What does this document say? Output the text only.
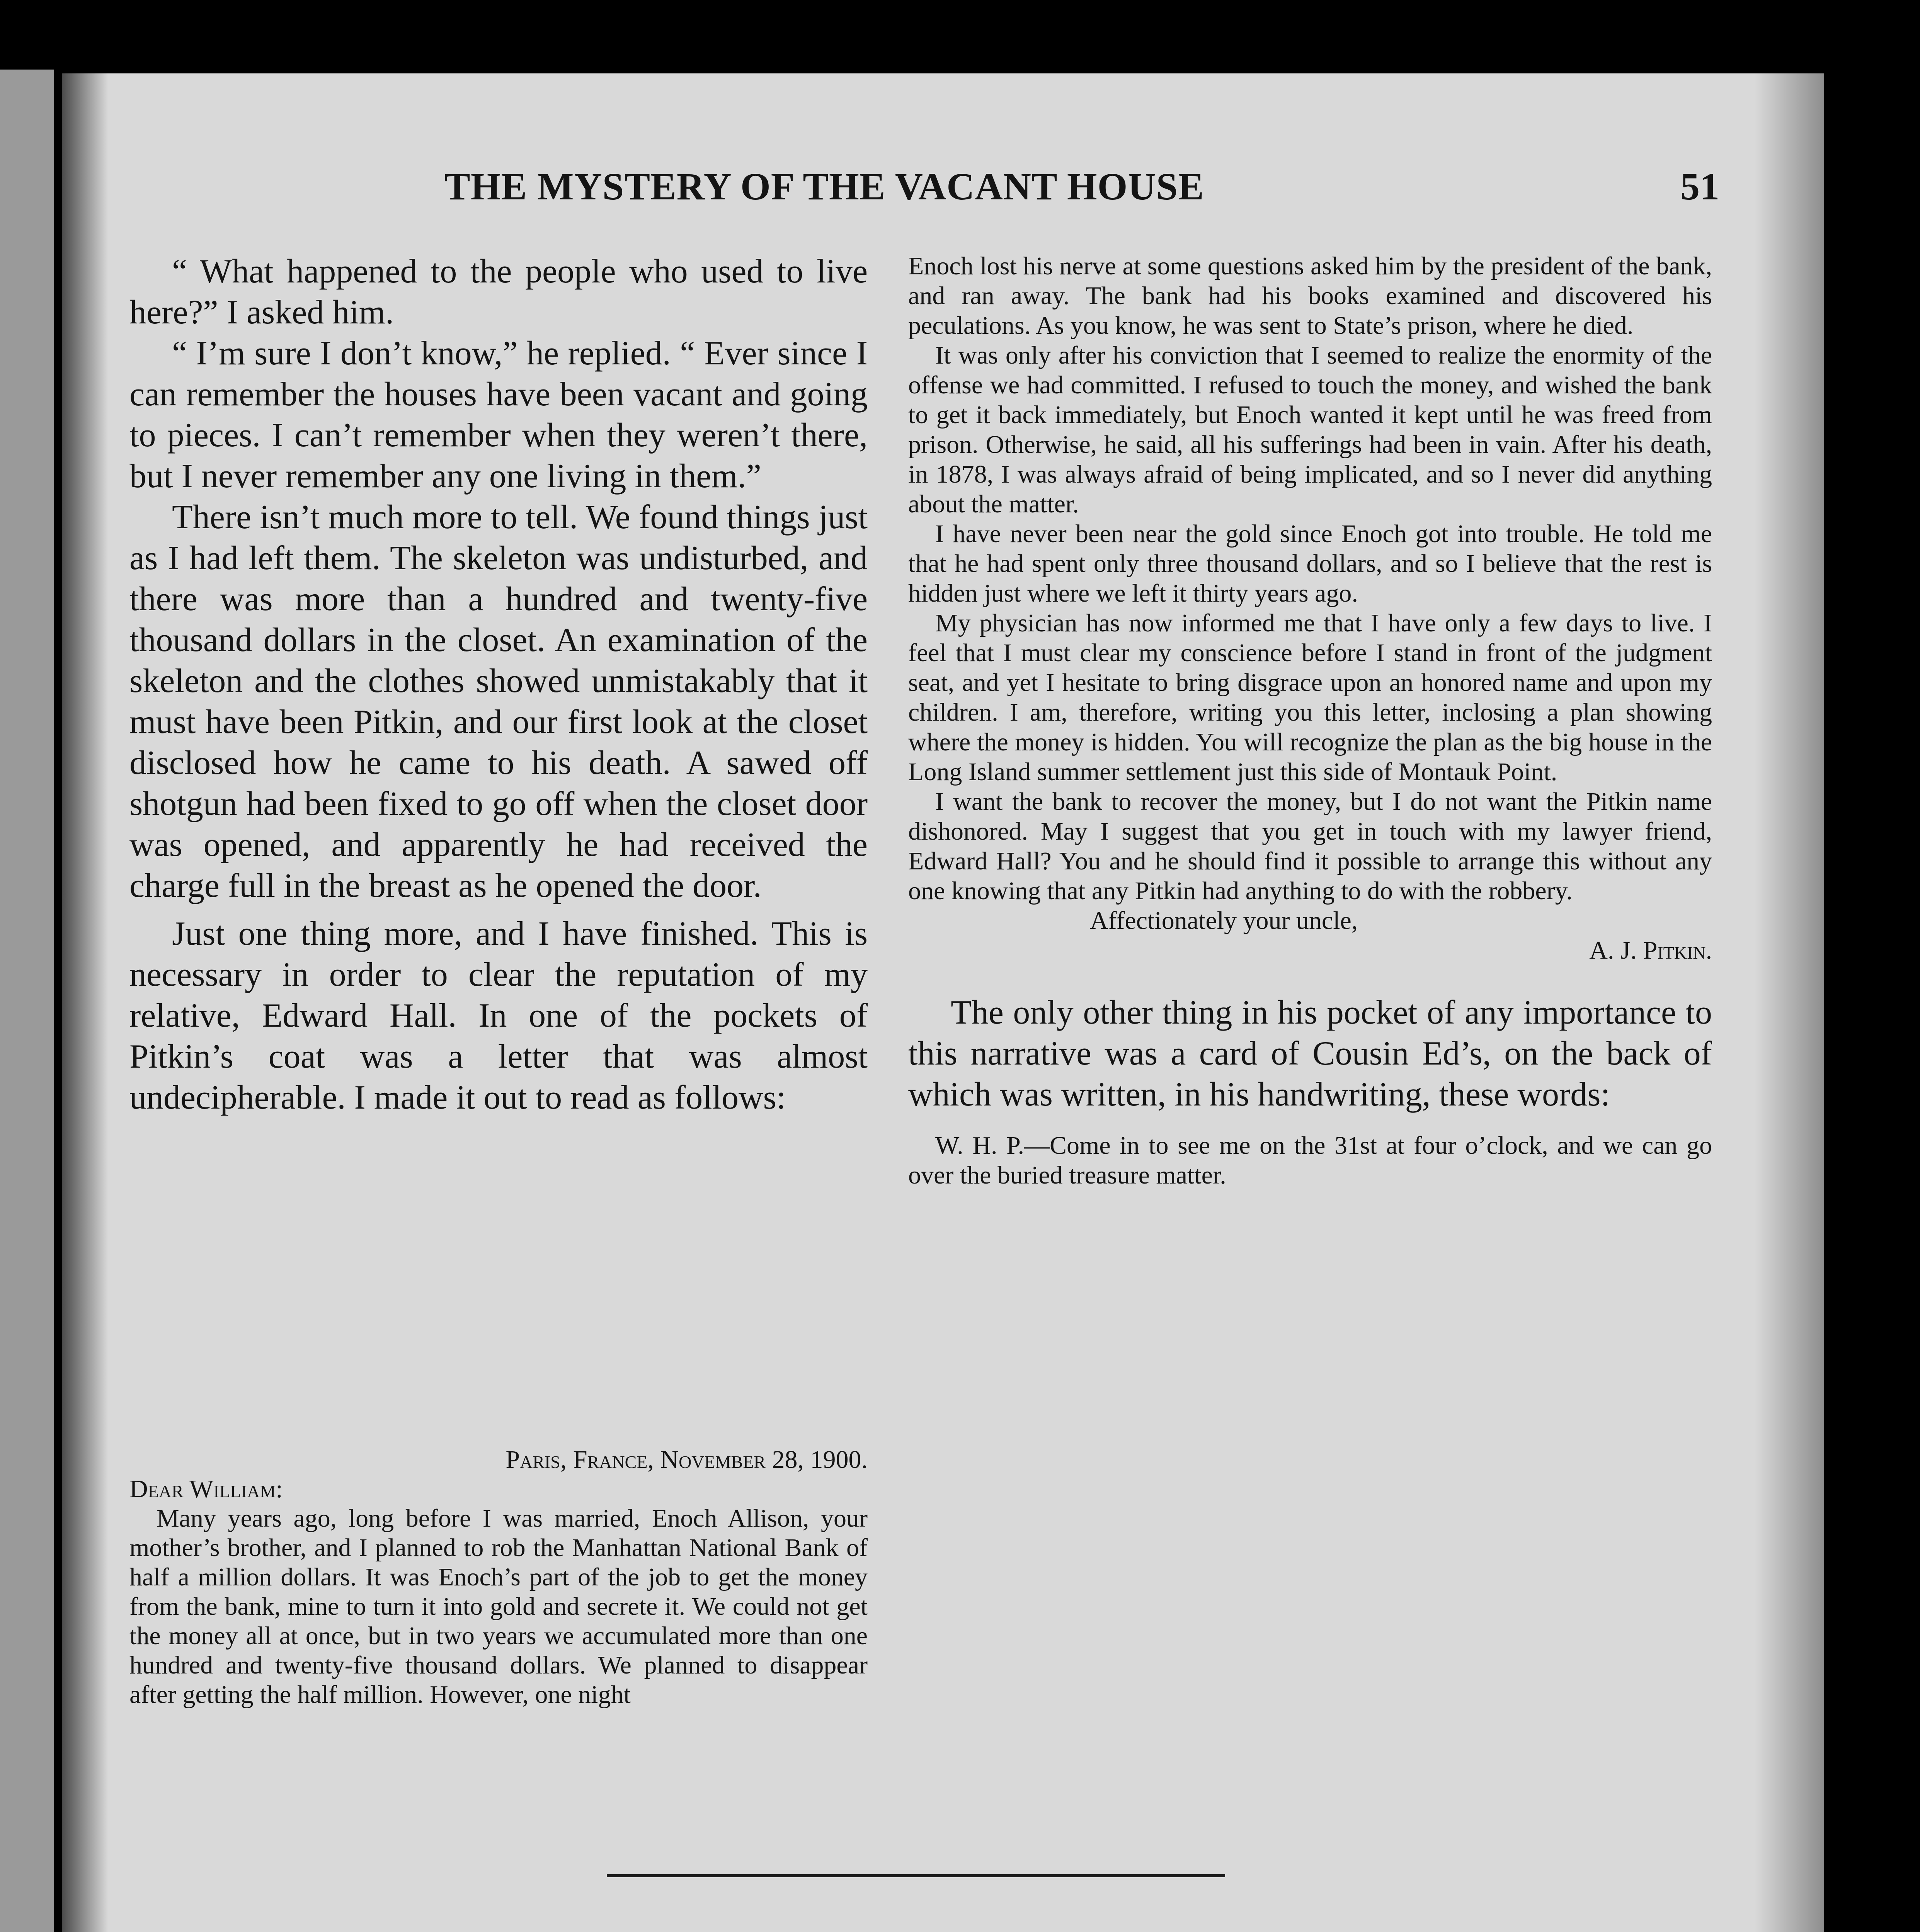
THE MYSTERY OF THE VACANT HOUSE	51

“ What happened to the people who used to live here?” I asked him.

“ I’m sure I don’t know,” he replied. “ Ever since I can remember the houses have been vacant and going to pieces. I can’t remember when they weren’t there, but I never remember any one living in them.”

There isn’t much more to tell. We found things just as I had left them. The skeleton was undisturbed, and there was more than a hundred and twenty-five thousand dollars in the closet. An examination of the skeleton and the clothes showed unmistakably that it must have been Pitkin, and our first look at the closet disclosed how he came to his death. A sawed off shotgun had been fixed to go off when the closet door was opened, and apparently he had received the charge full in the breast as he opened the door.

Just one thing more, and I have finished. This is necessary in order to clear the reputation of my relative, Edward Hall. In one of the pockets of Pitkin’s coat was a letter that was almost undecipherable. I made it out to read as follows:

Paris, France, November 28, 1900.

Dear William:

Many years ago, long before I was married, Enoch Allison, your mother’s brother, and I planned to rob the Manhattan National Bank of half a million dollars. It was Enoch’s part of the job to get the money from the bank, mine to turn it into gold and secrete it. We could not get the money all at once, but in two years we accumulated more than one hundred and twenty-five thousand dollars. We planned to disappear after getting the half million. However, one night

Enoch lost his nerve at some questions asked him by the president of the bank, and ran away. The bank had his books examined and discovered his peculations. As you know, he was sent to State’s prison, where he died.

It was only after his conviction that I seemed to realize the enormity of the offense we had committed. I refused to touch the money, and wished the bank to get it back immediately, but Enoch wanted it kept until he was freed from prison. Otherwise, he said, all his sufferings had been in vain. After his death, in 1878, I was always afraid of being implicated, and so I never did anything about the matter.

I have never been near the gold since Enoch got into trouble. He told me that he had spent only three thousand dollars, and so I believe that the rest is hidden just where we left it thirty years ago.

My physician has now informed me that I have only a few days to live. I feel that I must clear my conscience before I stand in front of the judgment seat, and yet I hesitate to bring disgrace upon an honored name and upon my children. I am, therefore, writing you this letter, inclosing a plan showing where the money is hidden. You will recognize the plan as the big house in the Long Island summer settlement just this side of Montauk Point.

I want the bank to recover the money, but I do not want the Pitkin name dishonored. May I suggest that you get in touch with my lawyer friend, Edward Hall? You and he should find it possible to arrange this without any one knowing that any Pitkin had anything to do with the robbery.

Affectionately your uncle,

A. J. Pitkin.

The only other thing in his pocket of any importance to this narrative was a card of Cousin Ed’s, on the back of which was written, in his handwriting, these words:

W. H. P.—Come in to see me on the 31st at four o’clock, and we can go over the buried treasure matter.
